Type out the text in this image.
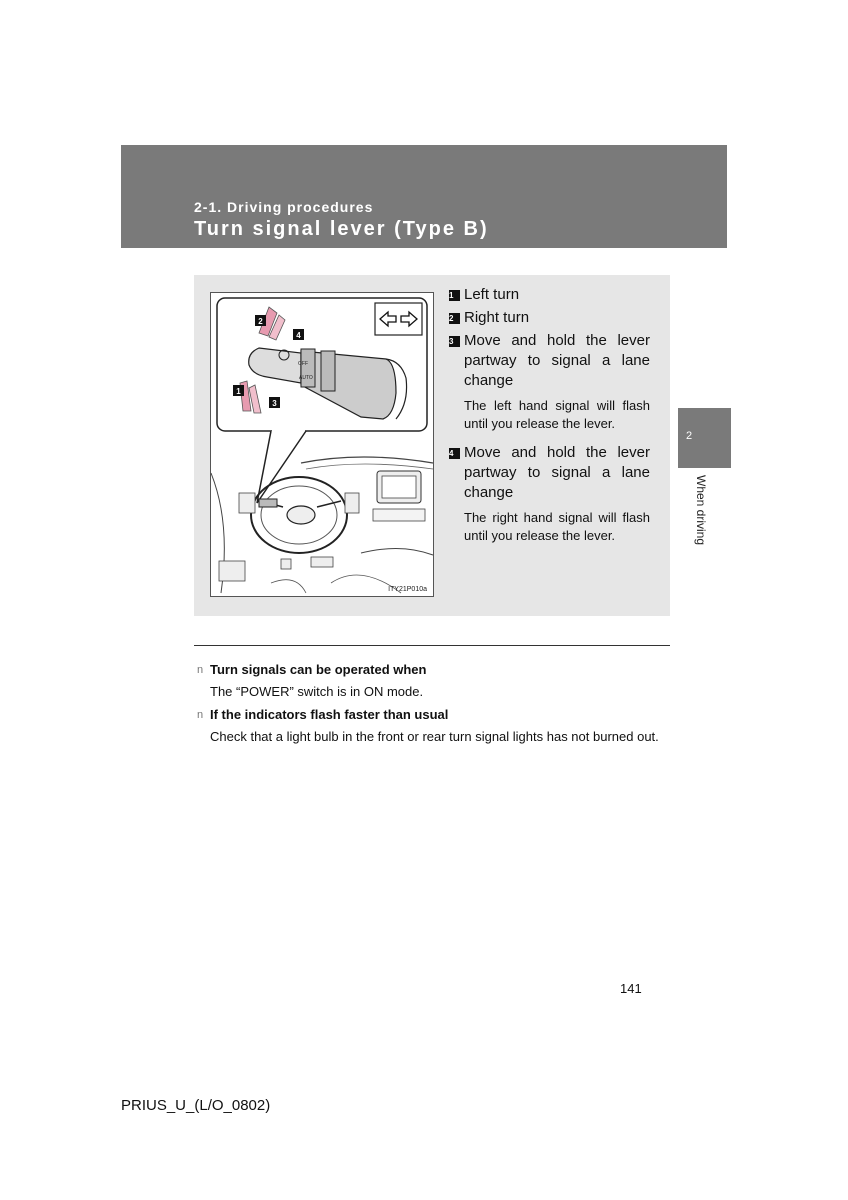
2-1. Driving procedures
Turn signal lever (Type B)
OFF
AUTO
2
4
1
3
ITY21P010a
1 Left turn
2 Right turn
3 Move and hold the lever partway to signal a lane change
The left hand signal will flash until you release the lever.
4 Move and hold the lever partway to signal a lane change
The right hand signal will flash until you release the lever.
n Turn signals can be operated when
The “POWER” switch is in ON mode.
n If the indicators flash faster than usual
Check that a light bulb in the front or rear turn signal lights has not burned out.
2
When driving
141
PRIUS_U_(L/O_0802)
